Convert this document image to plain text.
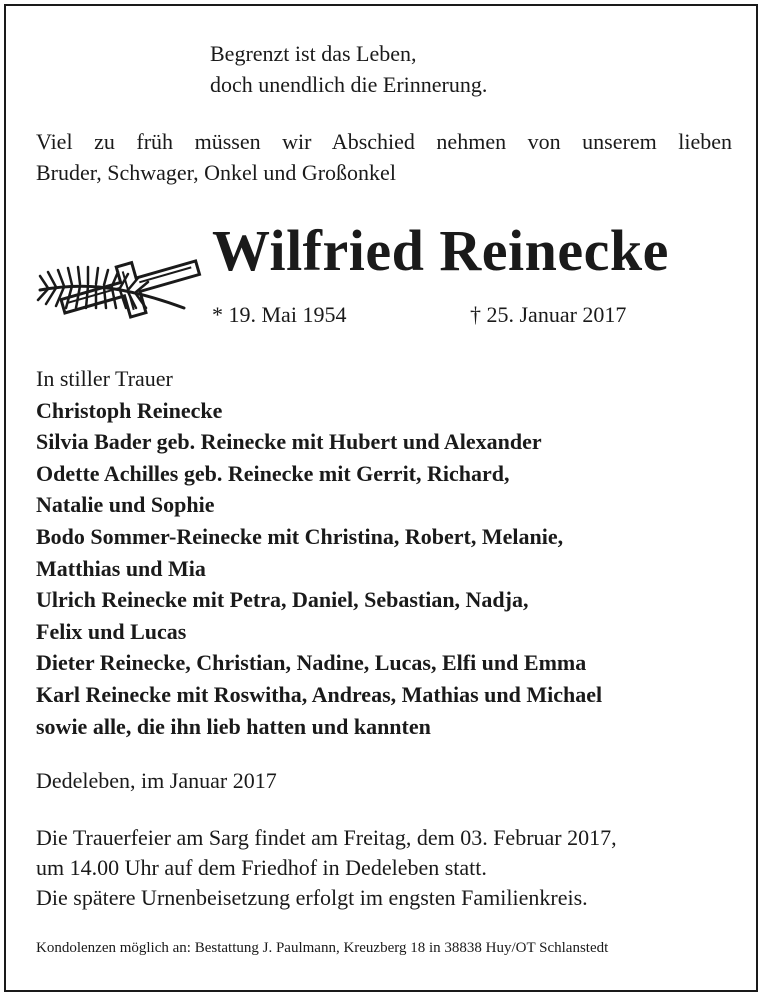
Begrenzt ist das Leben,
doch unendlich die Erinnerung.
Viel zu früh müssen wir Abschied nehmen von unserem lieben
Bruder, Schwager, Onkel und Großonkel
Wilfried Reinecke
* 19. Mai 1954	† 25. Januar 2017
In stiller Trauer
Christoph Reinecke
Silvia Bader geb. Reinecke mit Hubert und Alexander
Odette Achilles geb. Reinecke mit Gerrit, Richard,
Natalie und Sophie
Bodo Sommer-Reinecke mit Christina, Robert, Melanie,
Matthias und Mia
Ulrich Reinecke mit Petra, Daniel, Sebastian, Nadja,
Felix und Lucas
Dieter Reinecke, Christian, Nadine, Lucas, Elfi und Emma
Karl Reinecke mit Roswitha, Andreas, Mathias und Michael
sowie alle, die ihn lieb hatten und kannten
Dedeleben, im Januar 2017
Die Trauerfeier am Sarg findet am Freitag, dem 03. Februar 2017,
um 14.00 Uhr auf dem Friedhof in Dedeleben statt.
Die spätere Urnenbeisetzung erfolgt im engsten Familienkreis.
Kondolenzen möglich an: Bestattung J. Paulmann, Kreuzberg 18 in 38838 Huy/OT Schlanstedt
